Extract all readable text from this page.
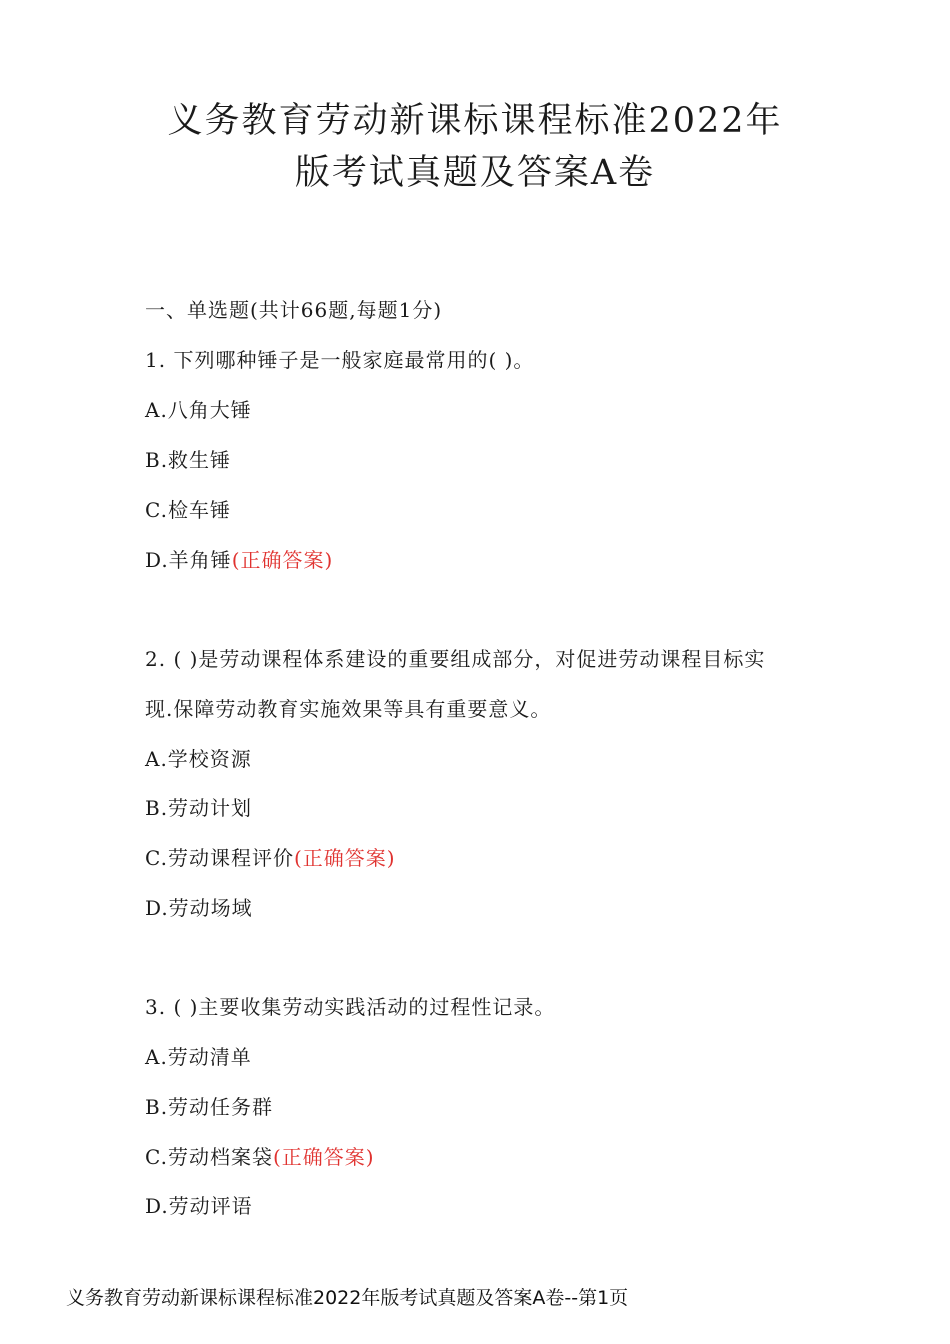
义务教育劳动新课标课程标准2022年
版考试真题及答案A卷

一、单选题(共计66题,每题1分)

1. 下列哪种锤子是一般家庭最常用的( )。

A.八角大锤

B.救生锤

C.检车锤

D.羊角锤(正确答案)

2. ( )是劳动课程体系建设的重要组成部分，对促进劳动课程目标实

现.保障劳动教育实施效果等具有重要意义。

A.学校资源

B.劳动计划

C.劳动课程评价(正确答案)

D.劳动场域

3. ( )主要收集劳动实践活动的过程性记录。

A.劳动清单

B.劳动任务群

C.劳动档案袋(正确答案)

D.劳动评语

义务教育劳动新课标课程标准2022年版考试真题及答案A卷--第1页
